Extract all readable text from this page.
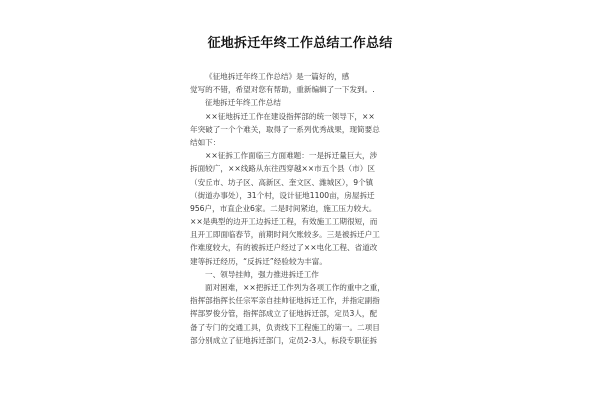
征地拆迁年终工作总结工作总结
《征地拆迁年终工作总结》是一篇好的，感
觉写的不错，希望对您有帮助，重新编辑了一下发到。.
征地拆迁年终工作总结
××征地拆迁工作在建设指挥部的统一领导下，××
年突破了一个个难关，取得了一系列优秀战果，现简要总
结如下：
××征拆工作面临三方面难题：一是拆迁量巨大，涉
拆面较广，××线路从东往西穿越××市五个县（市）区
（安丘市、坊子区、高新区、奎文区、潍城区），9个镇
（街道办事处），31个村，设计征地1100亩，房屋拆迁
956户，市直企业6家。二是时间紧迫，施工压力较大。
××是典型的边开工边拆迁工程，有效施工工期很短，而
且开工即面临春节，前期时间欠账较多。三是被拆迁户工
作难度较大，有的被拆迁户经过了××电化工程、省道改
建等拆迁经历，“反拆迁”经验较为丰富。
一、领导挂帅，强力推进拆迁工作
面对困难，××把拆迁工作列为各项工作的重中之重，
指挥部指挥长任宗军亲自挂帅征地拆迁工作，并指定副指
挥部罗俊分管，指挥部成立了征地拆迁部，定员3人，配
备了专门的交通工具，负责线下工程施工的第一。二项目
部分别成立了征地拆迁部门，定员2-3人，标段专职征拆
